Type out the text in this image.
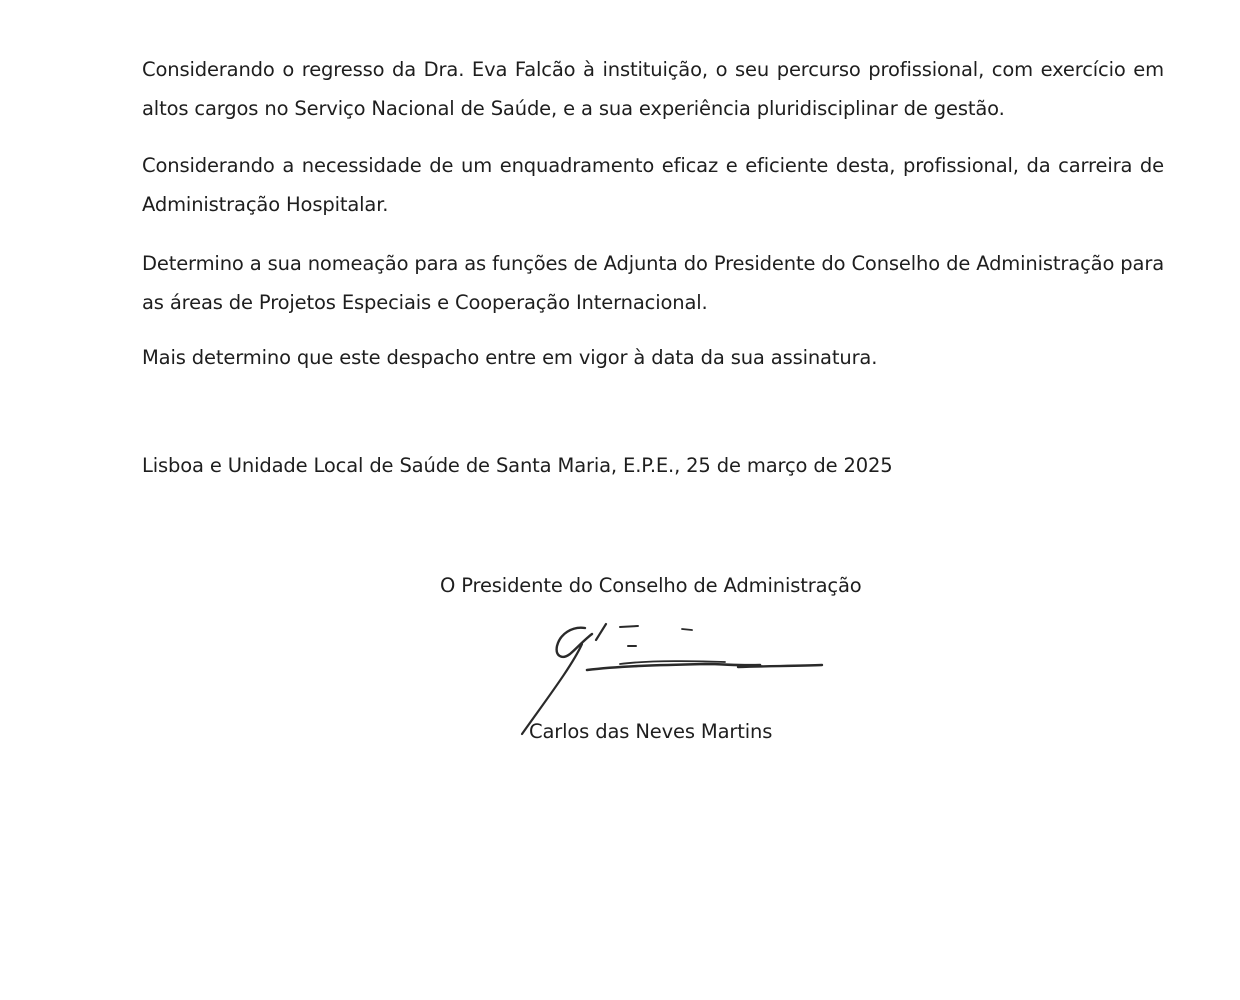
Considerando o regresso da Dra. Eva Falcão à instituição, o seu percurso profissional, com exercício em altos cargos no Serviço Nacional de Saúde, e a sua experiência pluridisciplinar de gestão.

Considerando a necessidade de um enquadramento eficaz e eficiente desta, profissional, da carreira de Administração Hospitalar.

Determino a sua nomeação para as funções de Adjunta do Presidente do Conselho de Administração para as áreas de Projetos Especiais e Cooperação Internacional.

Mais determino que este despacho entre em vigor à data da sua assinatura.

Lisboa e Unidade Local de Saúde de Santa Maria, E.P.E., 25 de março de 2025

O Presidente do Conselho de Administração

Carlos das Neves Martins
